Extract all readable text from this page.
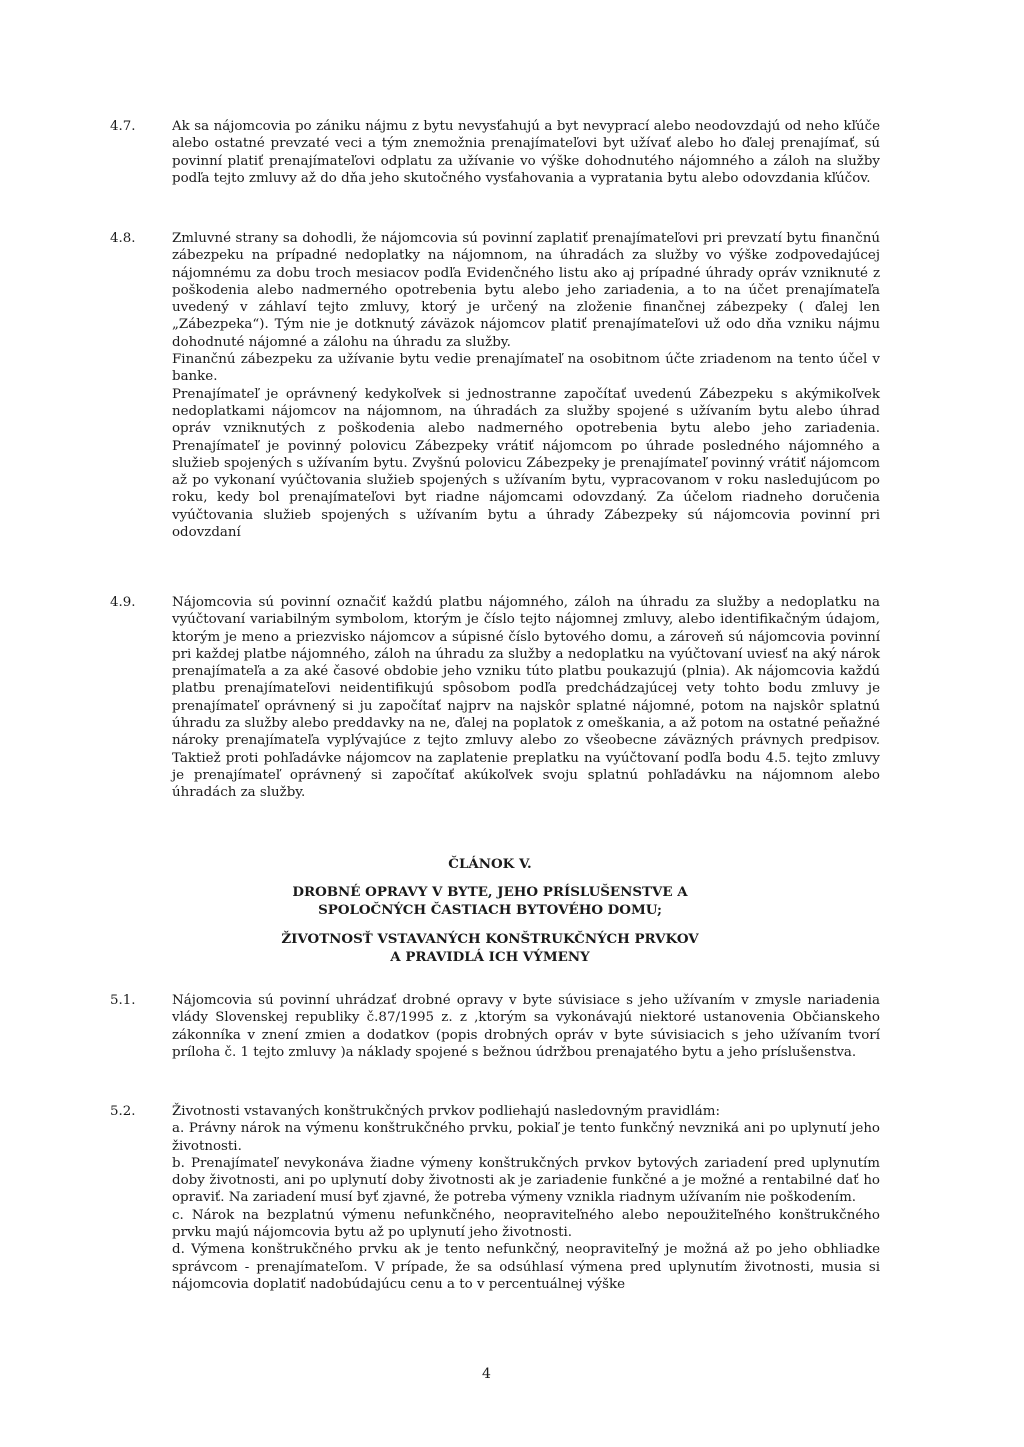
4.7.	Ak sa nájomcovia po zániku nájmu z bytu nevysťahujú a byt nevyprací alebo neodovzdajú od neho kľúče alebo ostatné prevzaté veci a tým znemožnia prenajímateľovi byt užívať alebo ho ďalej prenajímať, sú povinní platiť prenajímateľovi odplatu za užívanie vo výške dohodnutého nájomného a záloh na služby podľa tejto zmluvy až do dňa jeho skutočného vysťahovania a vypratania bytu alebo odovzdania kľúčov.

4.8.	Zmluvné strany sa dohodli, že nájomcovia sú povinní zaplatiť prenajímateľovi pri prevzatí bytu finančnú zábezpeku na prípadné nedoplatky na nájomnom, na úhradách za služby vo výške zodpovedajúcej nájomnému za dobu troch mesiacov podľa Evidenčného listu ako aj prípadné úhrady opráv vzniknuté z poškodenia alebo nadmerného opotrebenia bytu alebo jeho zariadenia, a to na účet prenajímateľa uvedený v záhlaví tejto zmluvy, ktorý je určený na zloženie finančnej zábezpeky ( ďalej len „Zábezpeka“). Tým nie je dotknutý záväzok nájomcov platiť prenajímateľovi už odo dňa vzniku nájmu dohodnuté nájomné a zálohu na úhradu za služby.

Finančnú zábezpeku za užívanie bytu vedie prenajímateľ na osobitnom účte zriadenom na tento účel v banke.

Prenajímateľ je oprávnený kedykoľvek si jednostranne započítať uvedenú Zábezpeku s akýmikoľvek nedoplatkami nájomcov na nájomnom, na úhradách za služby spojené s užívaním bytu alebo úhrad opráv vzniknutých z poškodenia alebo nadmerného opotrebenia bytu alebo jeho zariadenia. Prenajímateľ je povinný polovicu Zábezpeky vrátiť nájomcom po úhrade posledného nájomného a služieb spojených s užívaním bytu. Zvyšnú polovicu Zábezpeky je prenajímateľ povinný vrátiť nájomcom až po vykonaní vyúčtovania služieb spojených s užívaním bytu, vypracovanom v roku nasledujúcom po roku, kedy bol prenajímateľovi byt riadne nájomcami odovzdaný. Za účelom riadneho doručenia vyúčtovania služieb spojených s užívaním bytu a úhrady Zábezpeky sú nájomcovia povinní pri odovzdaní

4.9.	Nájomcovia sú povinní označiť každú platbu nájomného, záloh na úhradu za služby a nedoplatku na vyúčtovaní variabilným symbolom, ktorým je číslo tejto nájomnej zmluvy, alebo identifikačným údajom, ktorým je meno a priezvisko nájomcov a súpisné číslo bytového domu, a zároveň sú nájomcovia povinní pri každej platbe nájomného, záloh na úhradu za služby a nedoplatku na vyúčtovaní uviesť na aký nárok prenajímateľa a za aké časové obdobie jeho vzniku túto platbu poukazujú (plnia). Ak nájomcovia každú platbu prenajímateľovi neidentifikujú spôsobom podľa predchádzajúcej vety tohto bodu zmluvy je prenajímateľ oprávnený si ju započítať najprv na najskôr splatné nájomné, potom na najskôr splatnú úhradu za služby alebo preddavky na ne, ďalej na poplatok z omeškania, a až potom na ostatné peňažné nároky prenajímateľa vyplývajúce z tejto zmluvy alebo zo všeobecne záväzných právnych predpisov. Taktiež proti pohľadávke nájomcov na zaplatenie preplatku na vyúčtovaní podľa bodu 4.5. tejto zmluvy je prenajímateľ oprávnený si započítať akúkoľvek svoju splatnú pohľadávku na nájomnom alebo úhradách za služby.

ČLÁNOK V.
DROBNÉ OPRAVY V BYTE, JEHO PRÍSLUŠENSTVE A
SPOLOČNÝCH ČASTIACH BYTOVÉHO DOMU;
ŽIVOTNOSŤ VSTAVANÝCH KONŠTRUKČNÝCH PRVKOV
A PRAVIDLÁ ICH VÝMENY
5.1.	Nájomcovia sú povinní uhrádzať drobné opravy v byte súvisiace s jeho užívaním v zmysle nariadenia vlády Slovenskej republiky č.87/1995 z. z ,ktorým sa vykonávajú niektoré ustanovenia Občianskeho zákonníka v znení zmien a dodatkov (popis drobných opráv v byte súvisiacich s jeho užívaním tvorí príloha č. 1 tejto zmluvy )a náklady spojené s bežnou údržbou prenajatého bytu a jeho príslušenstva.

5.2.	Životnosti vstavaných konštrukčných prvkov podliehajú nasledovným pravidlám:

a. Právny nárok na výmenu konštrukčného prvku, pokiaľ je tento funkčný nevzniká ani po uplynutí jeho životnosti.

b. Prenajímateľ nevykonáva žiadne výmeny konštrukčných prvkov bytových zariadení pred uplynutím doby životnosti, ani po uplynutí doby životnosti ak je zariadenie funkčné a je možné a rentabilné dať ho opraviť. Na zariadení musí byť zjavné, že potreba výmeny vznikla riadnym užívaním nie poškodením.

c. Nárok na bezplatnú výmenu nefunkčného, neopraviteľného alebo nepoužiteľného konštrukčného prvku majú nájomcovia bytu až po uplynutí jeho životnosti.

d. Výmena konštrukčného prvku ak je tento nefunkčný, neopraviteľný je možná až po jeho obhliadke správcom - prenajímateľom. V prípade, že sa odsúhlasí výmena pred uplynutím životnosti, musia si nájomcovia doplatiť nadobúdajúcu cenu a to v percentuálnej výške

4
